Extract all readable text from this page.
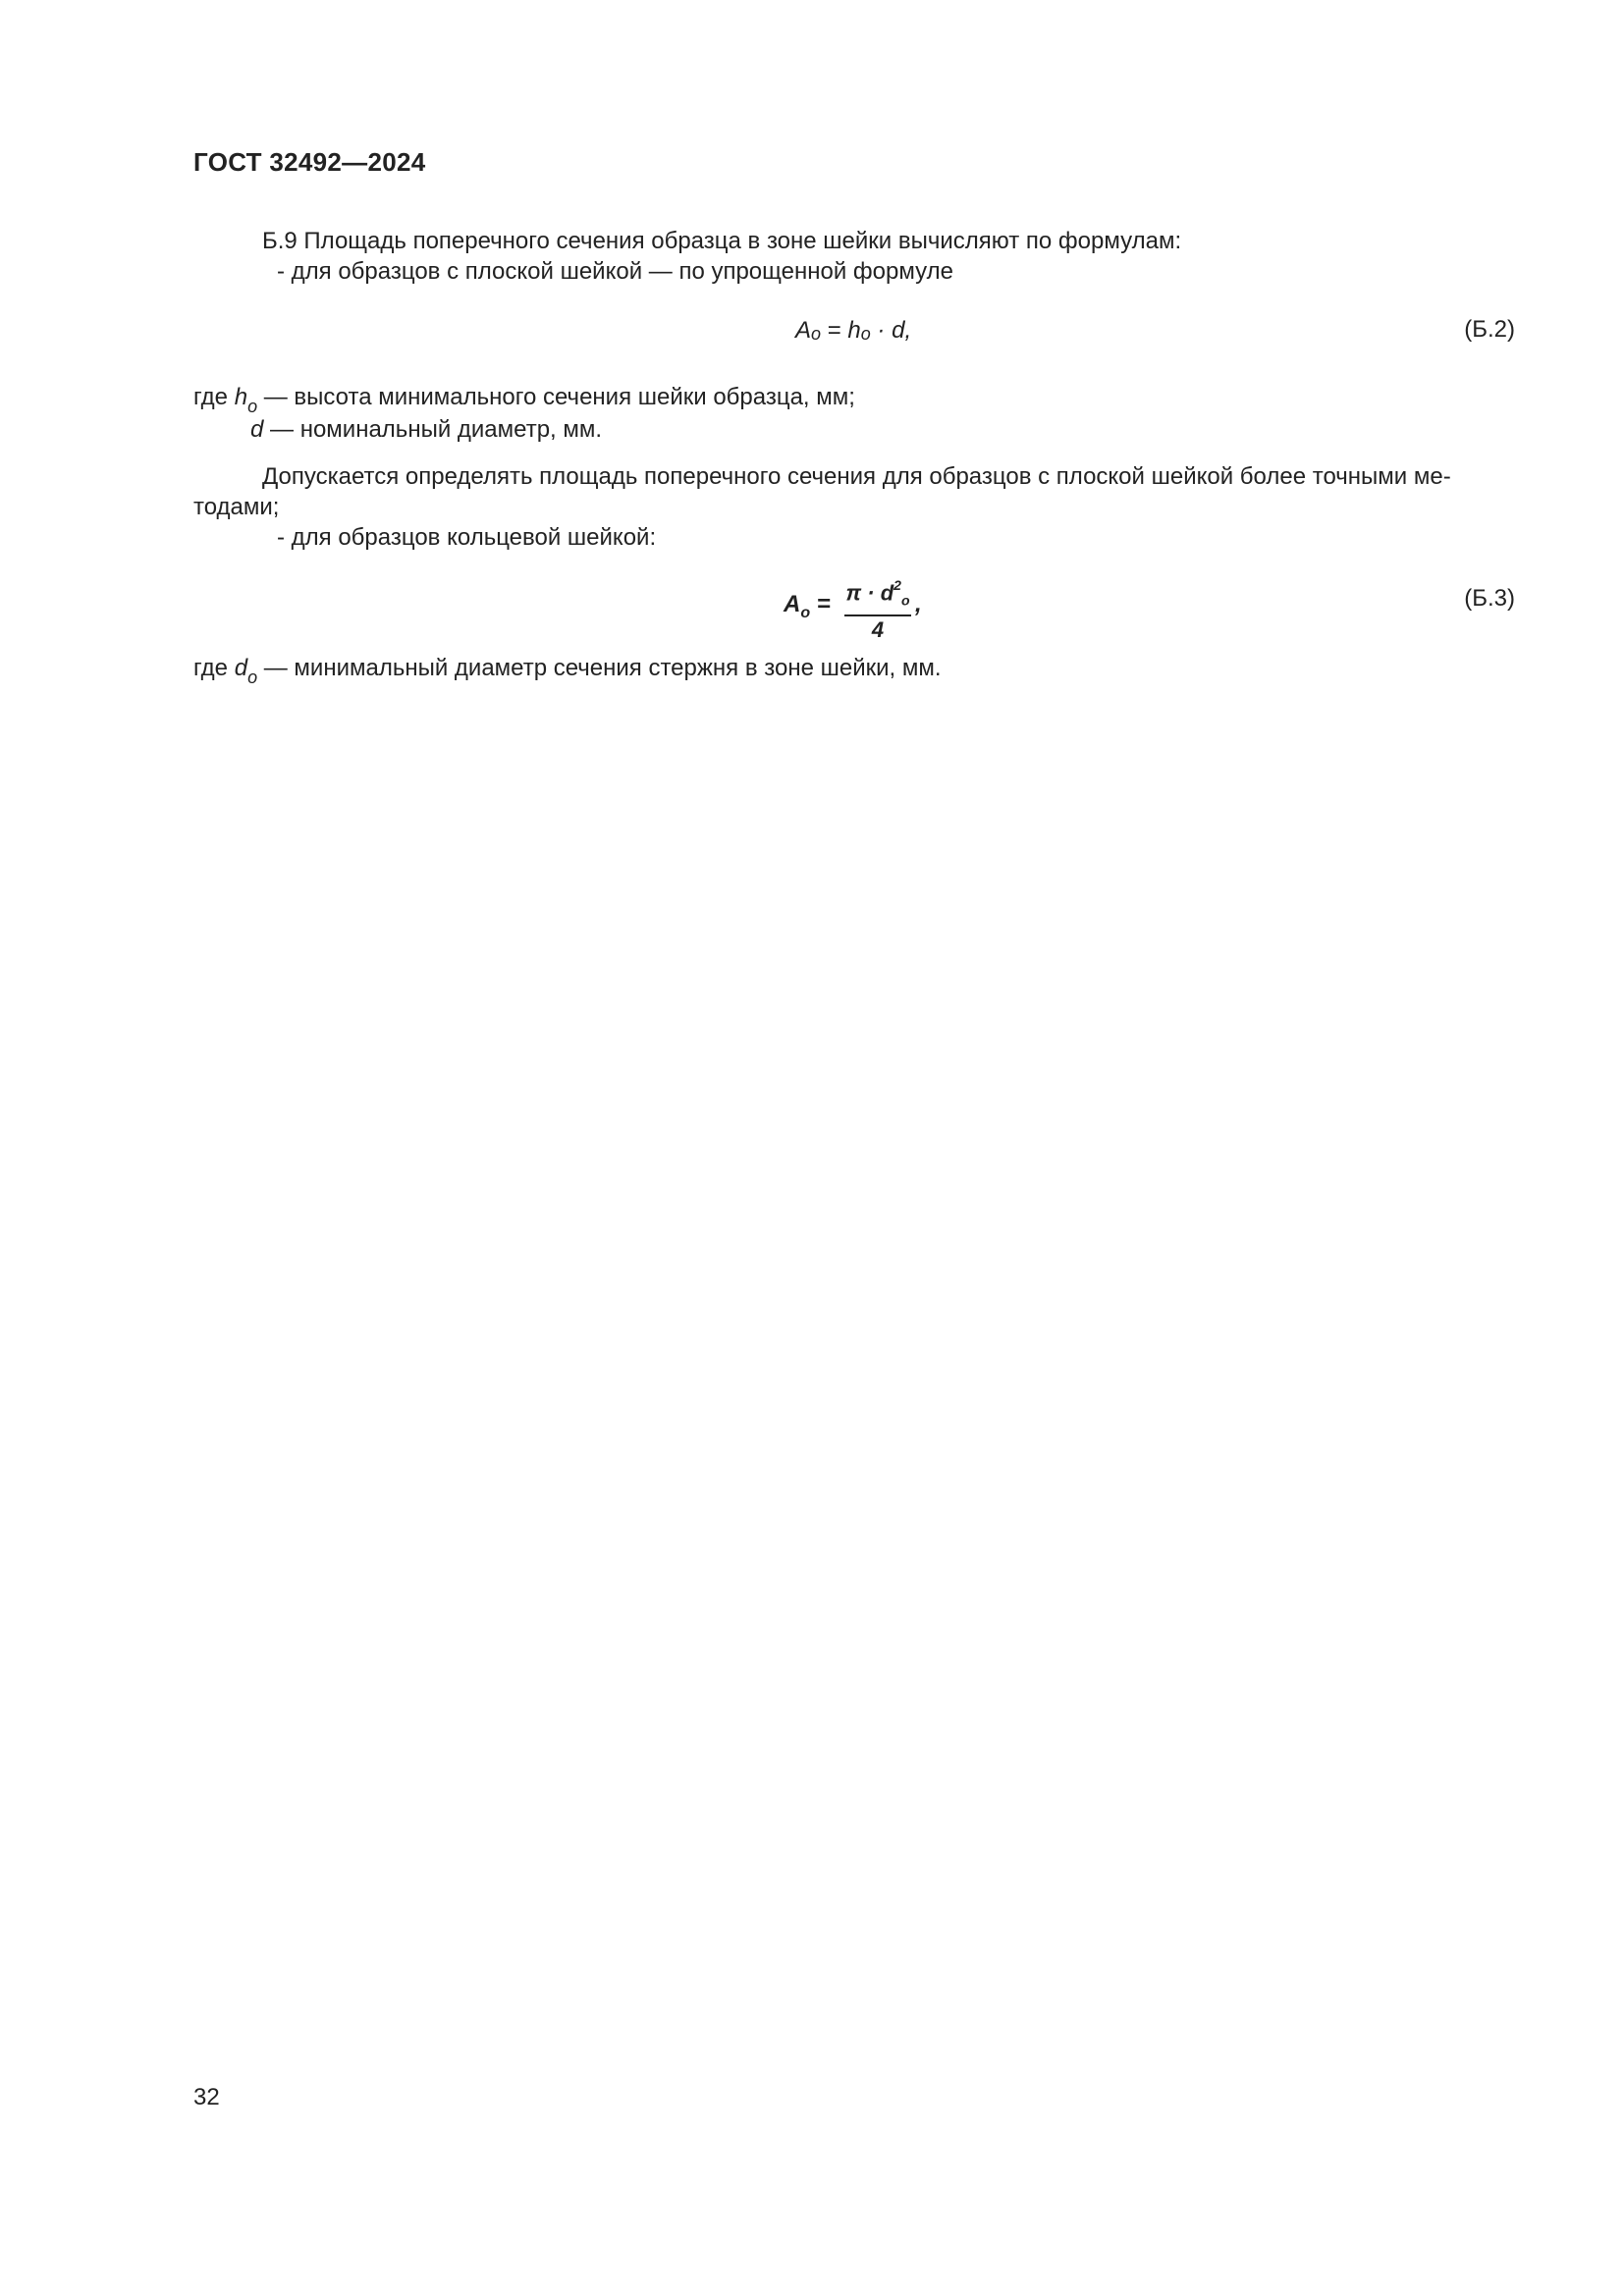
ГОСТ 32492—2024
Б.9 Площадь поперечного сечения образца в зоне шейки вычисляют по формулам:
- для образцов с плоской шейкой — по упрощенной формуле
$A_o = h_o \cdot d$,	(Б.2)
где $h_o$ — высота минимального сечения шейки образца, мм;
d — номинальный диаметр, мм.
Допускается определять площадь поперечного сечения для образцов с плоской шейкой более точными ме-
тодами;
- для образцов кольцевой шейкой:
$A_o = \pi \cdot d^2_o$
4
,	(Б.3)
где $d_o$ — минимальный диаметр сечения стержня в зоне шейки, мм.
32
